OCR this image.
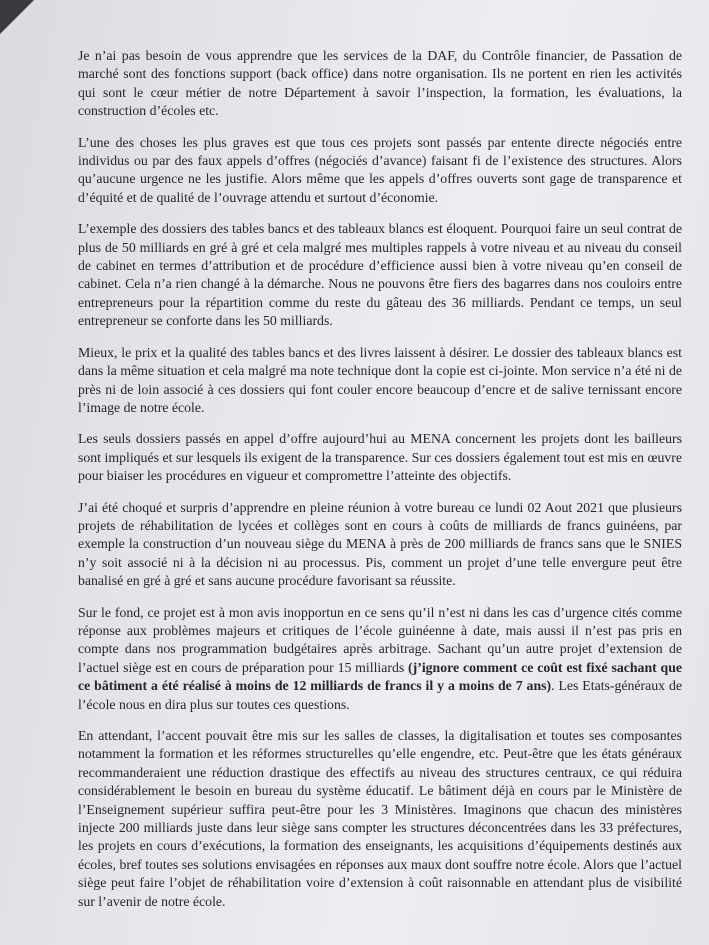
Je n’ai pas besoin de vous apprendre que les services de la DAF, du Contrôle financier, de Passation de marché sont des fonctions support (back office) dans notre organisation. Ils ne portent en rien les activités qui sont le cœur métier de notre Département à savoir l’inspection, la formation, les évaluations, la construction d’écoles etc.

L’une des choses les plus graves est que tous ces projets sont passés par entente directe négociés entre individus ou par des faux appels d’offres (négociés d’avance) faisant fi de l’existence des structures. Alors qu’aucune urgence ne les justifie. Alors même que les appels d’offres ouverts sont gage de transparence et d’équité et de qualité de l’ouvrage attendu et surtout d’économie.

L’exemple des dossiers des tables bancs et des tableaux blancs est éloquent. Pourquoi faire un seul contrat de plus de 50 milliards en gré à gré et cela malgré mes multiples rappels à votre niveau et au niveau du conseil de cabinet en termes d’attribution et de procédure d’efficience aussi bien à votre niveau qu’en conseil de cabinet. Cela n’a rien changé à la démarche. Nous ne pouvons être fiers des bagarres dans nos couloirs entre entrepreneurs pour la répartition comme du reste du gâteau des 36 milliards. Pendant ce temps, un seul entrepreneur se conforte dans les 50 milliards.

Mieux, le prix et la qualité des tables bancs et des livres laissent à désirer. Le dossier des tableaux blancs est dans la même situation et cela malgré ma note technique dont la copie est ci-jointe. Mon service n’a été ni de près ni de loin associé à ces dossiers qui font couler encore beaucoup d’encre et de salive ternissant encore l’image de notre école.

Les seuls dossiers passés en appel d’offre aujourd’hui au MENA concernent les projets dont les bailleurs sont impliqués et sur lesquels ils exigent de la transparence. Sur ces dossiers également tout est mis en œuvre pour biaiser les procédures en vigueur et compromettre l’atteinte des objectifs.

J’ai été choqué et surpris d’apprendre en pleine réunion à votre bureau ce lundi 02 Aout 2021 que plusieurs projets de réhabilitation de lycées et collèges sont en cours à coûts de milliards de francs guinéens, par exemple la construction d’un nouveau siège du MENA à près de 200 milliards de francs sans que le SNIES n’y soit associé ni à la décision ni au processus. Pis, comment un projet d’une telle envergure peut être banalisé en gré à gré et sans aucune procédure favorisant sa réussite.

Sur le fond, ce projet est à mon avis inopportun en ce sens qu’il n’est ni dans les cas d’urgence cités comme réponse aux problèmes majeurs et critiques de l’école guinéenne à date, mais aussi il n’est pas pris en compte dans nos programmation budgétaires après arbitrage. Sachant qu’un autre projet d’extension de l’actuel siège est en cours de préparation pour 15 milliards (j’ignore comment ce coût est fixé sachant que ce bâtiment a été réalisé à moins de 12 milliards de francs il y a moins de 7 ans). Les Etats-généraux de l’école nous en dira plus sur toutes ces questions.

En attendant, l’accent pouvait être mis sur les salles de classes, la digitalisation et toutes ses composantes notamment la formation et les réformes structurelles qu’elle engendre, etc. Peut-être que les états généraux recommanderaient une réduction drastique des effectifs au niveau des structures centraux, ce qui réduira considérablement le besoin en bureau du système éducatif. Le bâtiment déjà en cours par le Ministère de l’Enseignement supérieur suffira peut-être pour les 3 Ministères. Imaginons que chacun des ministères injecte 200 milliards juste dans leur siège sans compter les structures déconcentrées dans les 33 préfectures, les projets en cours d’exécutions, la formation des enseignants, les acquisitions d’équipements destinés aux écoles, bref toutes ses solutions envisagées en réponses aux maux dont souffre notre école. Alors que l’actuel siège peut faire l’objet de réhabilitation voire d’extension à coût raisonnable en attendant plus de visibilité sur l’avenir de notre école.
